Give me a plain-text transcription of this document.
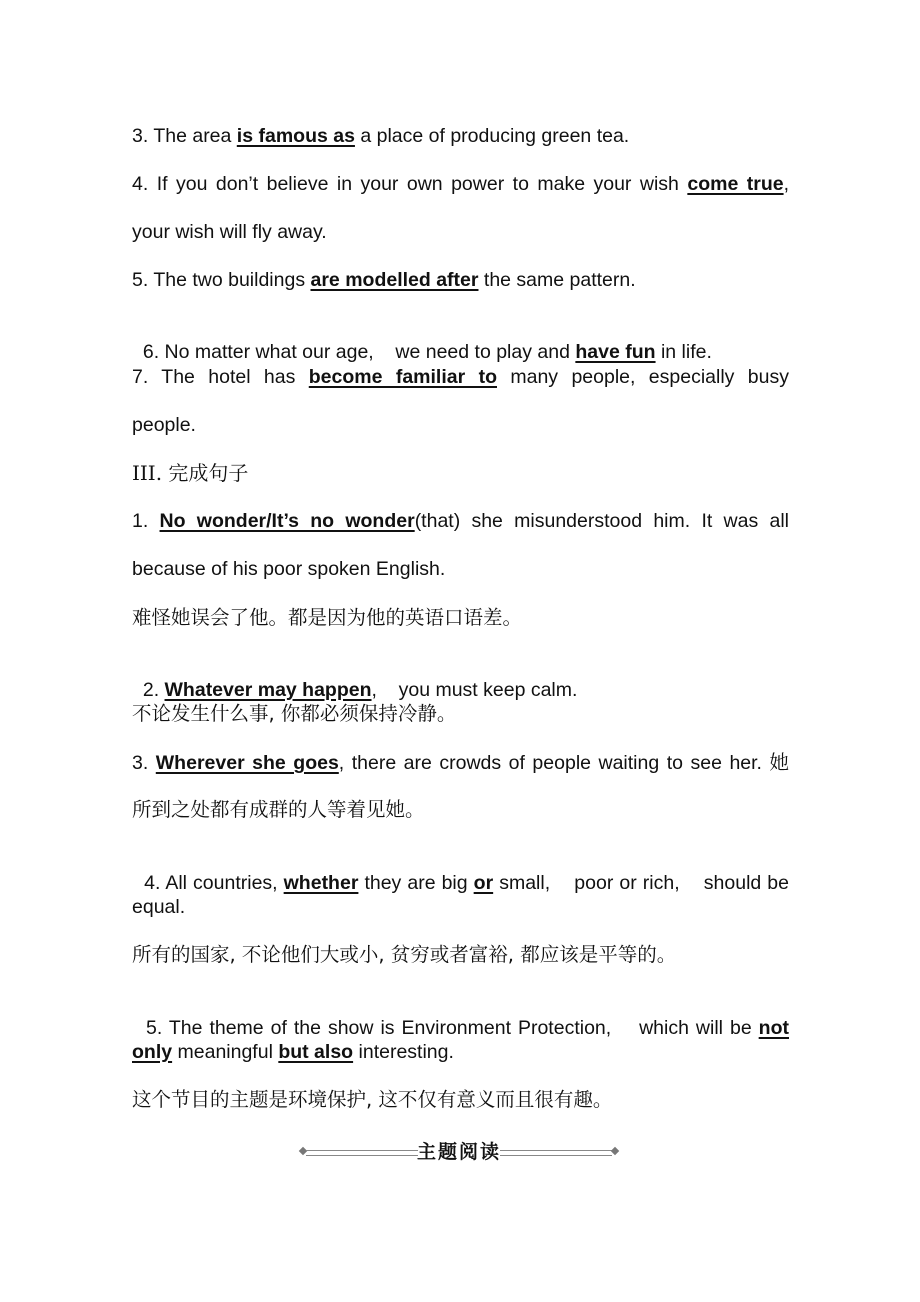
3. The area is famous as a place of producing green tea.
4. If you don’t believe in your own power to make your wish come true,
your wish will fly away.
5. The two buildings are modelled after the same pattern.

6. No matter what our age,    we need to play and have fun in life.

7. The hotel has become familiar to many people, especially busy
people.
III. 完成句子
1. No wonder/It’s no wonder(that) she misunderstood him. It was all
because of his poor spoken English.
难怪她误会了他。都是因为他的英语口语差。

2. Whatever may happen,    you must keep calm.

不论发生什么事, 你都必须保持冷静。
3. Wherever she goes, there are crowds of people waiting to see her. 她
所到之处都有成群的人等着见她。

4. All countries, whether they are big or small,    poor or rich,    should be

equal.
所有的国家, 不论他们大或小, 贫穷或者富裕, 都应该是平等的。

5. The theme of the show is Environment Protection,    which will be not

only meaningful but also interesting.
这个节目的主题是环境保护, 这不仅有意义而且很有趣。
主题阅读
